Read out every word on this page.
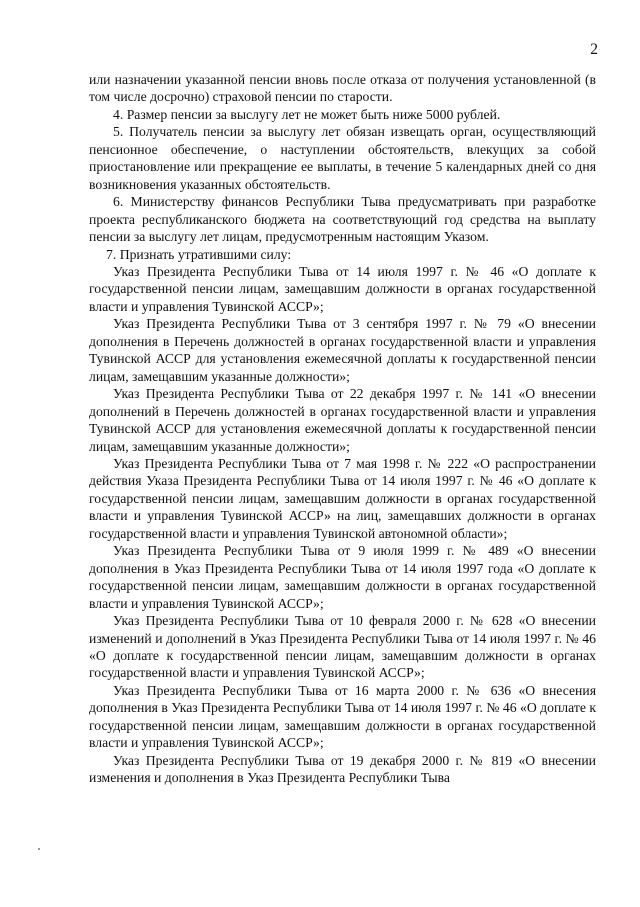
2

или назначении указанной пенсии вновь после отказа от получения установленной (в том числе досрочно) страховой пенсии по старости.

4. Размер пенсии за выслугу лет не может быть ниже 5000 рублей.

5. Получатель пенсии за выслугу лет обязан извещать орган, осуществляющий пенсионное обеспечение, о наступлении обстоятельств, влекущих за собой приостановление или прекращение ее выплаты, в течение 5 календарных дней со дня возникновения указанных обстоятельств.

6. Министерству финансов Республики Тыва предусматривать при разработке проекта республиканского бюджета на соответствующий год средства на выплату пенсии за выслугу лет лицам, предусмотренным настоящим Указом.

7. Признать утратившими силу:

Указ Президента Республики Тыва от 14 июля 1997 г. № 46 «О доплате к государственной пенсии лицам, замещавшим должности в органах государственной власти и управления Тувинской АССР»;

Указ Президента Республики Тыва от 3 сентября 1997 г. № 79 «О внесении дополнения в Перечень должностей в органах государственной власти и управления Тувинской АССР для установления ежемесячной доплаты к государственной пенсии лицам, замещавшим указанные должности»;

Указ Президента Республики Тыва от 22 декабря 1997 г. № 141 «О внесении дополнений в Перечень должностей в органах государственной власти и управления Тувинской АССР для установления ежемесячной доплаты к государственной пенсии лицам, замещавшим указанные должности»;

Указ Президента Республики Тыва от 7 мая 1998 г. № 222 «О распространении действия Указа Президента Республики Тыва от 14 июля 1997 г. № 46 «О доплате к государственной пенсии лицам, замещавшим должности в органах государственной власти и управления Тувинской АССР» на лиц, замещавших должности в органах государственной власти и управления Тувинской автономной области»;

Указ Президента Республики Тыва от 9 июля 1999 г. № 489 «О внесении дополнения в Указ Президента Республики Тыва от 14 июля 1997 года «О доплате к государственной пенсии лицам, замещавшим должности в органах государственной власти и управления Тувинской АССР»;

Указ Президента Республики Тыва от 10 февраля 2000 г. № 628 «О внесении изменений и дополнений в Указ Президента Республики Тыва от 14 июля 1997 г. № 46 «О доплате к государственной пенсии лицам, замещавшим должности в органах государственной власти и управления Тувинской АССР»;

Указ Президента Республики Тыва от 16 марта 2000 г. № 636 «О внесения дополнения в Указ Президента Республики Тыва от 14 июля 1997 г. № 46 «О доплате к государственной пенсии лицам, замещавшим должности в органах государственной власти и управления Тувинской АССР»;

Указ Президента Республики Тыва от 19 декабря 2000 г. № 819 «О внесении изменения и дополнения в Указ Президента Республики Тыва
